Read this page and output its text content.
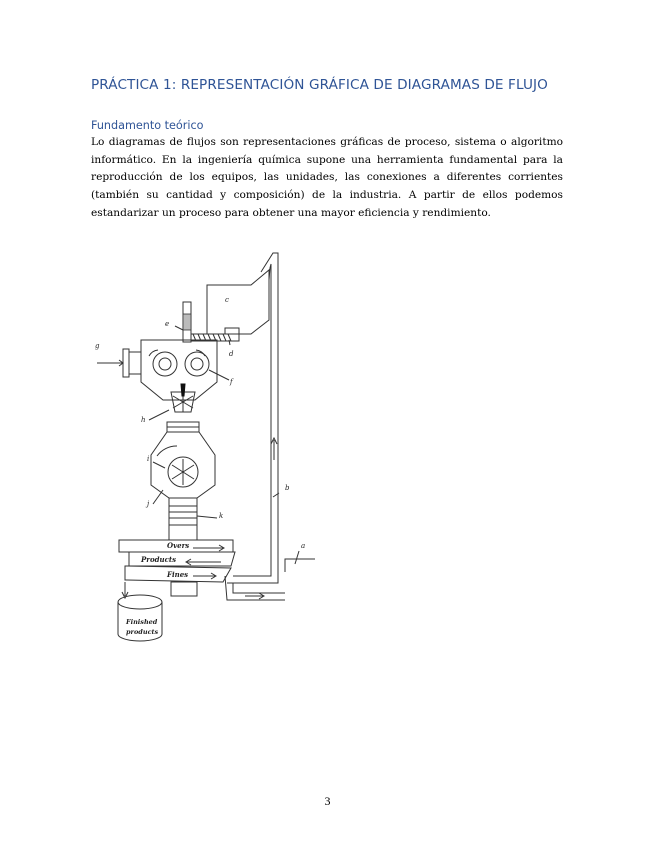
PRÁCTICA 1: REPRESENTACIÓN GRÁFICA DE DIAGRAMAS DE FLUJO
Fundamento teórico

Lo diagramas de flujos son representaciones gráficas de proceso, sistema o algoritmo informático. En la ingeniería química supone una herramienta fundamental para la reproducción de los equipos, las unidades, las conexiones a diferentes corrientes (también su cantidad y composición) de la industria. A partir de ellos podemos estandarizar un proceso para obtener una mayor eficiencia y rendimiento.

c
e
d
g
f
h
i
j
k
b
a
Overs
Products
Fines
Finished
products
3
